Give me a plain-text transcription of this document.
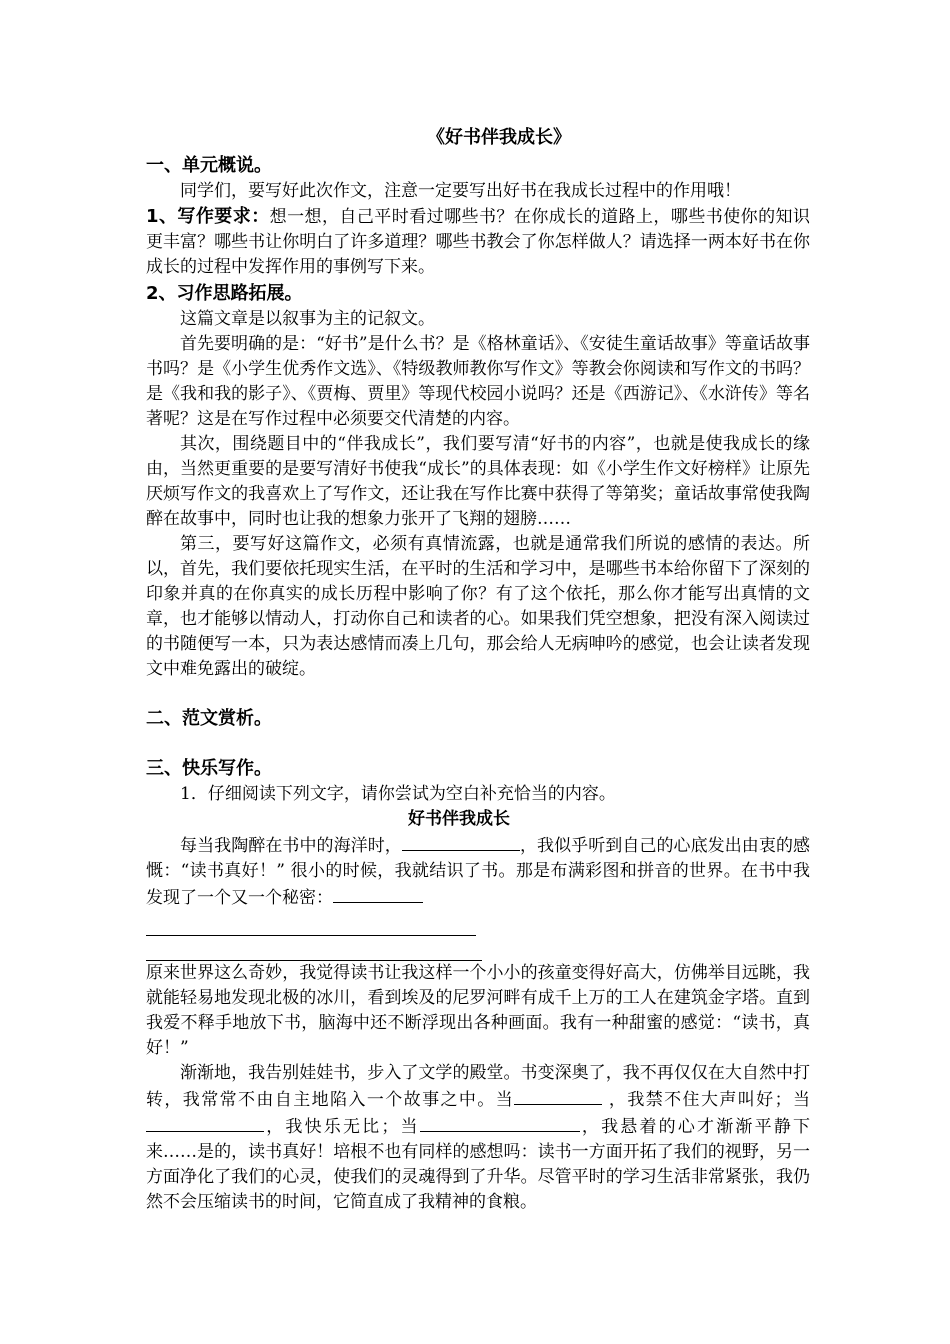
《好书伴我成长》
一、单元概说。

同学们，要写好此次作文，注意一定要写出好书在我成长过程中的作用哦！

1、写作要求：想一想，自己平时看过哪些书？在你成长的道路上，哪些书使你的知识更丰富？哪些书让你明白了许多道理？哪些书教会了你怎样做人？请选择一两本好书在你成长的过程中发挥作用的事例写下来。

2、习作思路拓展。

这篇文章是以叙事为主的记叙文。

首先要明确的是：“好书”是什么书？是《格林童话》、《安徒生童话故事》等童话故事书吗？是《小学生优秀作文选》、《特级教师教你写作文》等教会你阅读和写作文的书吗？是《我和我的影子》、《贾梅、贾里》等现代校园小说吗？还是《西游记》、《水浒传》等名著呢？这是在写作过程中必须要交代清楚的内容。

其次，围绕题目中的“伴我成长”，我们要写清“好书的内容”，也就是使我成长的缘由，当然更重要的是要写清好书使我“成长”的具体表现：如《小学生作文好榜样》让原先厌烦写作文的我喜欢上了写作文，还让我在写作比赛中获得了等第奖；童话故事常使我陶醉在故事中，同时也让我的想象力张开了飞翔的翅膀……

第三，要写好这篇作文，必须有真情流露，也就是通常我们所说的感情的表达。所以，首先，我们要依托现实生活，在平时的生活和学习中，是哪些书本给你留下了深刻的印象并真的在你真实的成长历程中影响了你？有了这个依托，那么你才能写出真情的文章，也才能够以情动人，打动你自己和读者的心。如果我们凭空想象，把没有深入阅读过的书随便写一本，只为表达感情而凑上几句，那会给人无病呻吟的感觉，也会让读者发现文中难免露出的破绽。

二、范文赏析。
三、快乐写作。

1．仔细阅读下列文字，请你尝试为空白补充恰当的内容。

好书伴我成长

每当我陶醉在书中的海洋时，	，我似乎听到自己的心底发出由衷的感慨：“读书真好！” 很小的时候，我就结识了书。那是布满彩图和拼音的世界。在书中我发现了一个又一个秘密：

原来世界这么奇妙，我觉得读书让我这样一个小小的孩童变得好高大，仿佛举目远眺，我就能轻易地发现北极的冰川，看到埃及的尼罗河畔有成千上万的工人在建筑金字塔。直到我爱不释手地放下书，脑海中还不断浮现出各种画面。我有一种甜蜜的感觉：“读书，真好！”

渐渐地，我告别娃娃书，步入了文学的殿堂。书变深奥了，我不再仅仅在大自然中打转，我常常不由自主地陷入一个故事之中。当	，我禁不住大声叫好；当，我快乐无比；当	，我悬着的心才渐渐平静下来……是的，读书真好！培根不也有同样的感想吗：读书一方面开拓了我们的视野，另一方面净化了我们的心灵，使我们的灵魂得到了升华。尽管平时的学习生活非常紧张，我仍然不会压缩读书的时间，它简直成了我精神的食粮。
